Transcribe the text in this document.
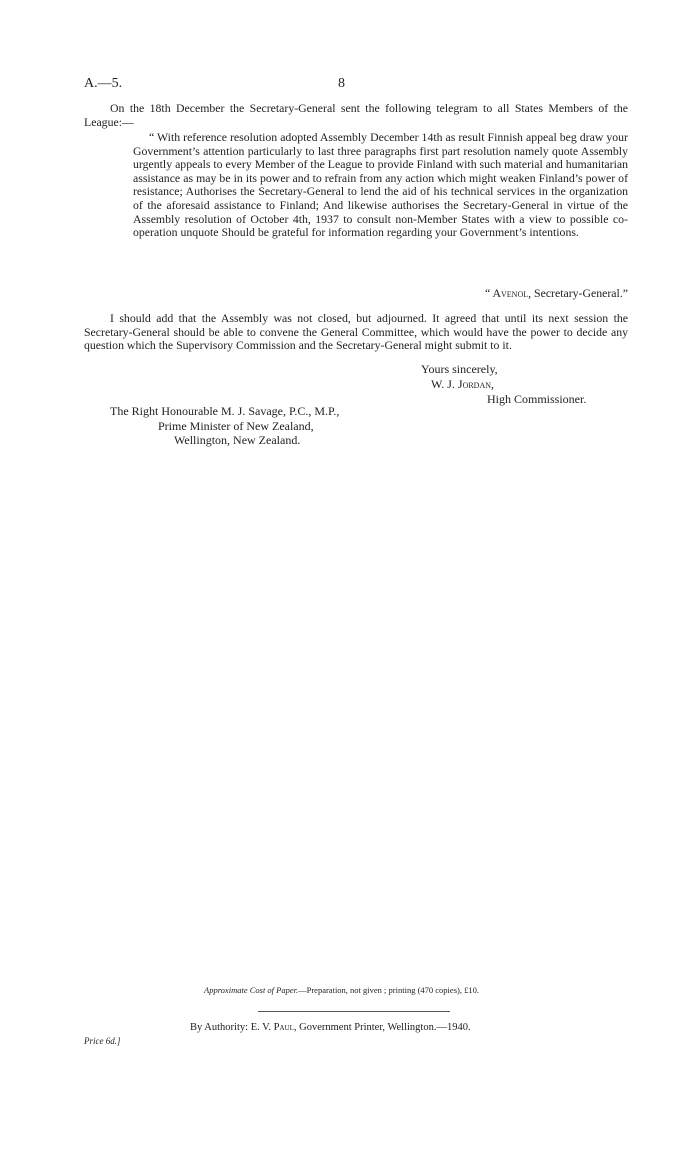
A.—5.	8
On the 18th December the Secretary-General sent the following telegram to all States Members of the League:—
“ With reference resolution adopted Assembly December 14th as result Finnish appeal beg draw your Government’s attention particularly to last three paragraphs first part resolution namely quote Assembly urgently appeals to every Member of the League to provide Finland with such material and humanitarian assistance as may be in its power and to refrain from any action which might weaken Finland’s power of resistance; Authorises the Secretary-General to lend the aid of his technical services in the organization of the aforesaid assistance to Finland; And likewise authorises the Secretary-General in virtue of the Assembly resolution of October 4th, 1937 to consult non-Member States with a view to possible co-operation unquote Should be grateful for information regarding your Government’s intentions.
“ Avenol, Secretary-General.”
I should add that the Assembly was not closed, but adjourned. It agreed that until its next session the Secretary-General should be able to convene the General Committee, which would have the power to decide any question which the Supervisory Commission and the Secretary-General might submit to it.
Yours sincerely,
W. J. Jordan,
High Commissioner.
The Right Honourable M. J. Savage, P.C., M.P.,
Prime Minister of New Zealand,
Wellington, New Zealand.
Approximate Cost of Paper.—Preparation, not given ; printing (470 copies), £10.
By Authority: E. V. Paul, Government Printer, Wellington.—1940.
Price 6d.]
